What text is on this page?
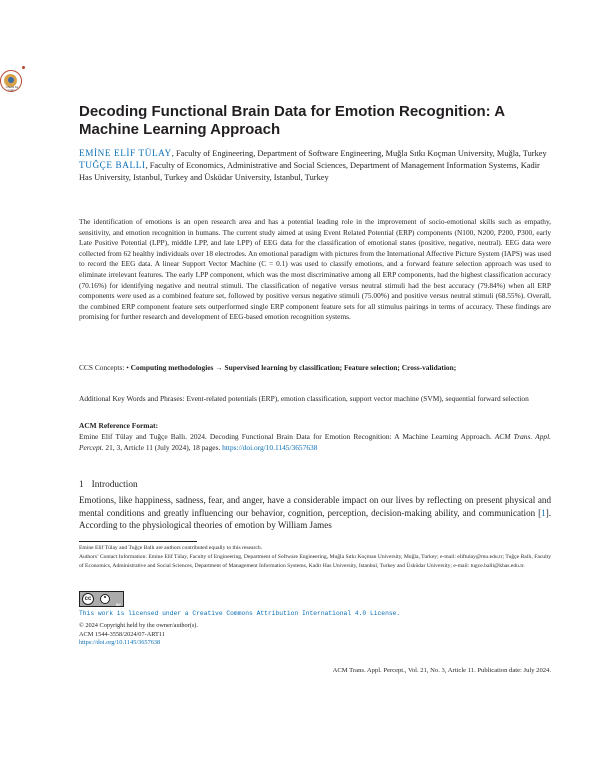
Check for updates
Decoding Functional Brain Data for Emotion Recognition: A Machine Learning Approach

EMİNE ELİF TÜLAY, Faculty of Engineering, Department of Software Engineering, Muğla Sıtkı Koçman University, Muğla, Turkey

TUĞÇE BALLI, Faculty of Economics, Administrative and Social Sciences, Department of Management Information Systems, Kadir Has University, Istanbul, Turkey and Üsküdar University, Istanbul, Turkey

The identification of emotions is an open research area and has a potential leading role in the improvement of socio-emotional skills such as empathy, sensitivity, and emotion recognition in humans. The current study aimed at using Event Related Potential (ERP) components (N100, N200, P200, P300, early Late Positive Potential (LPP), middle LPP, and late LPP) of EEG data for the classification of emotional states (positive, negative, neutral). EEG data were collected from 62 healthy individuals over 18 electrodes. An emotional paradigm with pictures from the International Affective Picture System (IAPS) was used to record the EEG data. A linear Support Vector Machine (C = 0.1) was used to classify emotions, and a forward feature selection approach was used to eliminate irrelevant features. The early LPP component, which was the most discriminative among all ERP components, had the highest classification accuracy (70.16%) for identifying negative and neutral stimuli. The classification of negative versus neutral stimuli had the best accuracy (79.84%) when all ERP components were used as a combined feature set, followed by positive versus negative stimuli (75.00%) and positive versus neutral stimuli (68.55%). Overall, the combined ERP component feature sets outperformed single ERP component feature sets for all stimulus pairings in terms of accuracy. These findings are promising for further research and development of EEG-based emotion recognition systems.

CCS Concepts: • Computing methodologies → Supervised learning by classification; Feature selection; Cross-validation;

Additional Key Words and Phrases: Event-related potentials (ERP), emotion classification, support vector machine (SVM), sequential forward selection

ACM Reference Format:

Emine Elif Tülay and Tuğçe Ballı. 2024. Decoding Functional Brain Data for Emotion Recognition: A Machine Learning Approach. ACM Trans. Appl. Percept. 21, 3, Article 11 (July 2024), 18 pages. https://doi.org/10.1145/3657638

1 Introduction

Emotions, like happiness, sadness, fear, and anger, have a considerable impact on our lives by reflecting on present physical and mental conditions and greatly influencing our behavior, cognition, perception, decision-making ability, and communication [1]. According to the physiological theories of emotion by William James

Emine Elif Tülay and Tuğçe Ballı are authors contributed equally to this research.

Authors’ Contact Information: Emine Elif Tülay, Faculty of Engineering, Department of Software Engineering, Muğla Sıtkı Koçman University, Muğla, Turkey; e-mail: eliftulay@mu.edu.tr; Tuğçe Ballı, Faculty of Economics, Administrative and Social Sciences, Department of Management Information Systems, Kadir Has University, Istanbul, Turkey and Üsküdar University; e-mail: tugce.balli@khas.edu.tr.

cc
BY

This work is licensed under a Creative Commons Attribution International 4.0 License.

© 2024 Copyright held by the owner/author(s).
ACM 1544-3558/2024/07-ART11
https://doi.org/10.1145/3657638

ACM Trans. Appl. Percept., Vol. 21, No. 3, Article 11. Publication date: July 2024.
